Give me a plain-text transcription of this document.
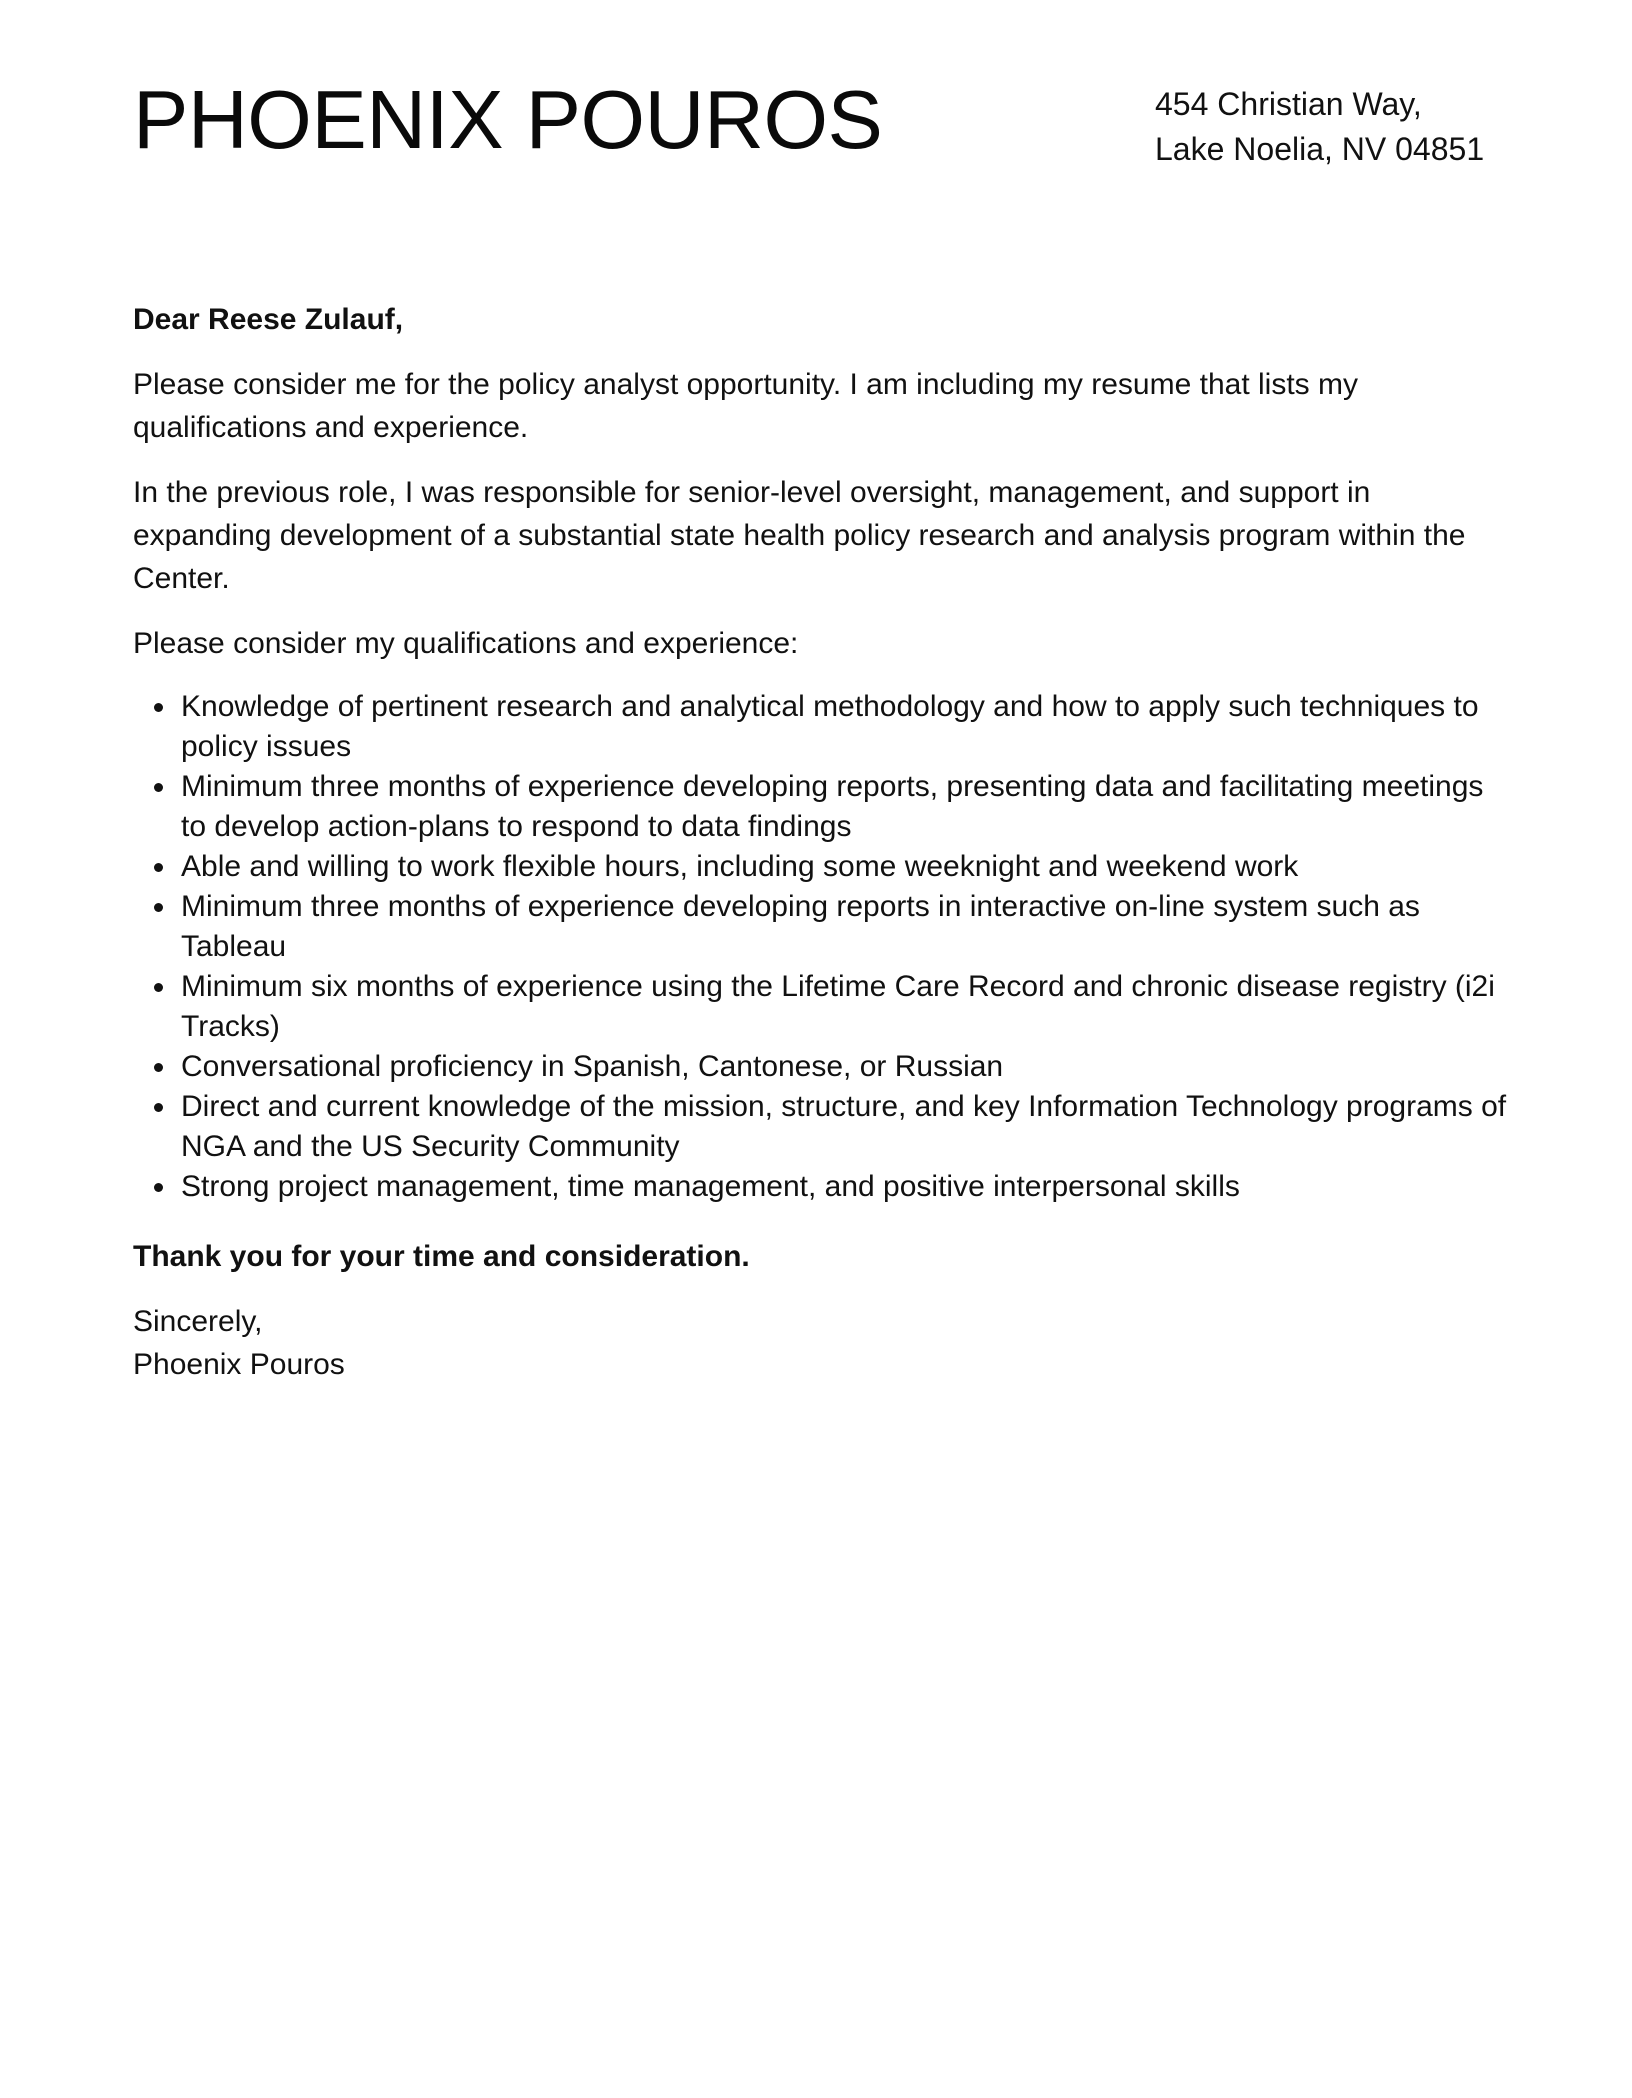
PHOENIX POUROS	454 Christian Way,
Lake Noelia, NV 04851

Dear Reese Zulauf,

Please consider me for the policy analyst opportunity. I am including my resume that lists my qualifications and experience.

In the previous role, I was responsible for senior-level oversight, management, and support in expanding development of a substantial state health policy research and analysis program within the Center.

Please consider my qualifications and experience:

Knowledge of pertinent research and analytical methodology and how to apply such techniques to policy issues
Minimum three months of experience developing reports, presenting data and facilitating meetings to develop action-plans to respond to data findings
Able and willing to work flexible hours, including some weeknight and weekend work
Minimum three months of experience developing reports in interactive on-line system such as Tableau
Minimum six months of experience using the Lifetime Care Record and chronic disease registry (i2i Tracks)
Conversational proficiency in Spanish, Cantonese, or Russian
Direct and current knowledge of the mission, structure, and key Information Technology programs of NGA and the US Security Community
Strong project management, time management, and positive interpersonal skills

Thank you for your time and consideration.

Sincerely,

Phoenix Pouros
